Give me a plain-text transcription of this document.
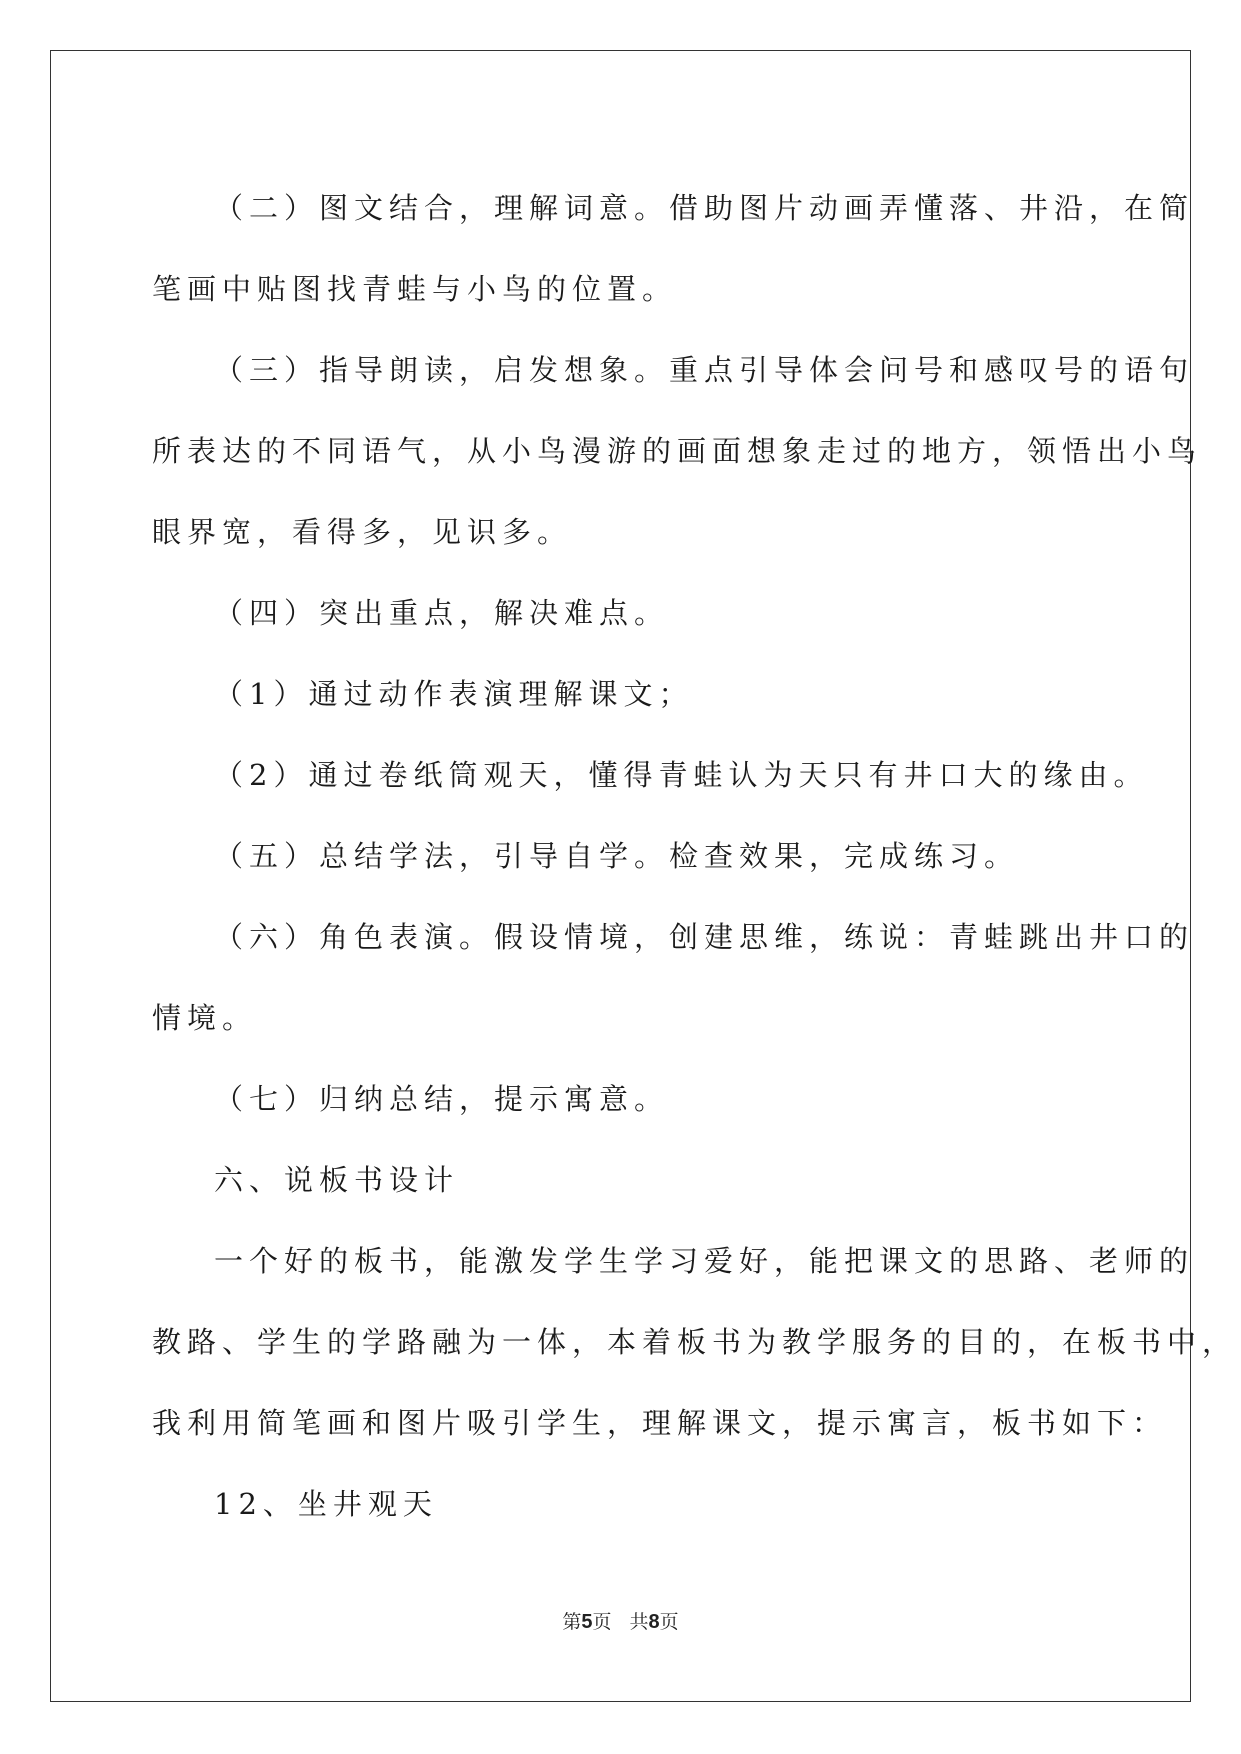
（二）图文结合，理解词意。借助图片动画弄懂落、井沿，在简

笔画中贴图找青蛙与小鸟的位置。

（三）指导朗读，启发想象。重点引导体会问号和感叹号的语句

所表达的不同语气，从小鸟漫游的画面想象走过的地方，领悟出小鸟

眼界宽，看得多，见识多。

（四）突出重点，解决难点。

（1）通过动作表演理解课文；

（2）通过卷纸筒观天，懂得青蛙认为天只有井口大的缘由。

（五）总结学法，引导自学。检查效果，完成练习。

（六）角色表演。假设情境，创建思维，练说：青蛙跳出井口的

情境。

（七）归纳总结，提示寓意。

六、说板书设计

一个好的板书，能激发学生学习爱好，能把课文的思路、老师的

教路、学生的学路融为一体，本着板书为教学服务的目的，在板书中，

我利用简笔画和图片吸引学生，理解课文，提示寓言，板书如下：

12、坐井观天

第5页 共8页
